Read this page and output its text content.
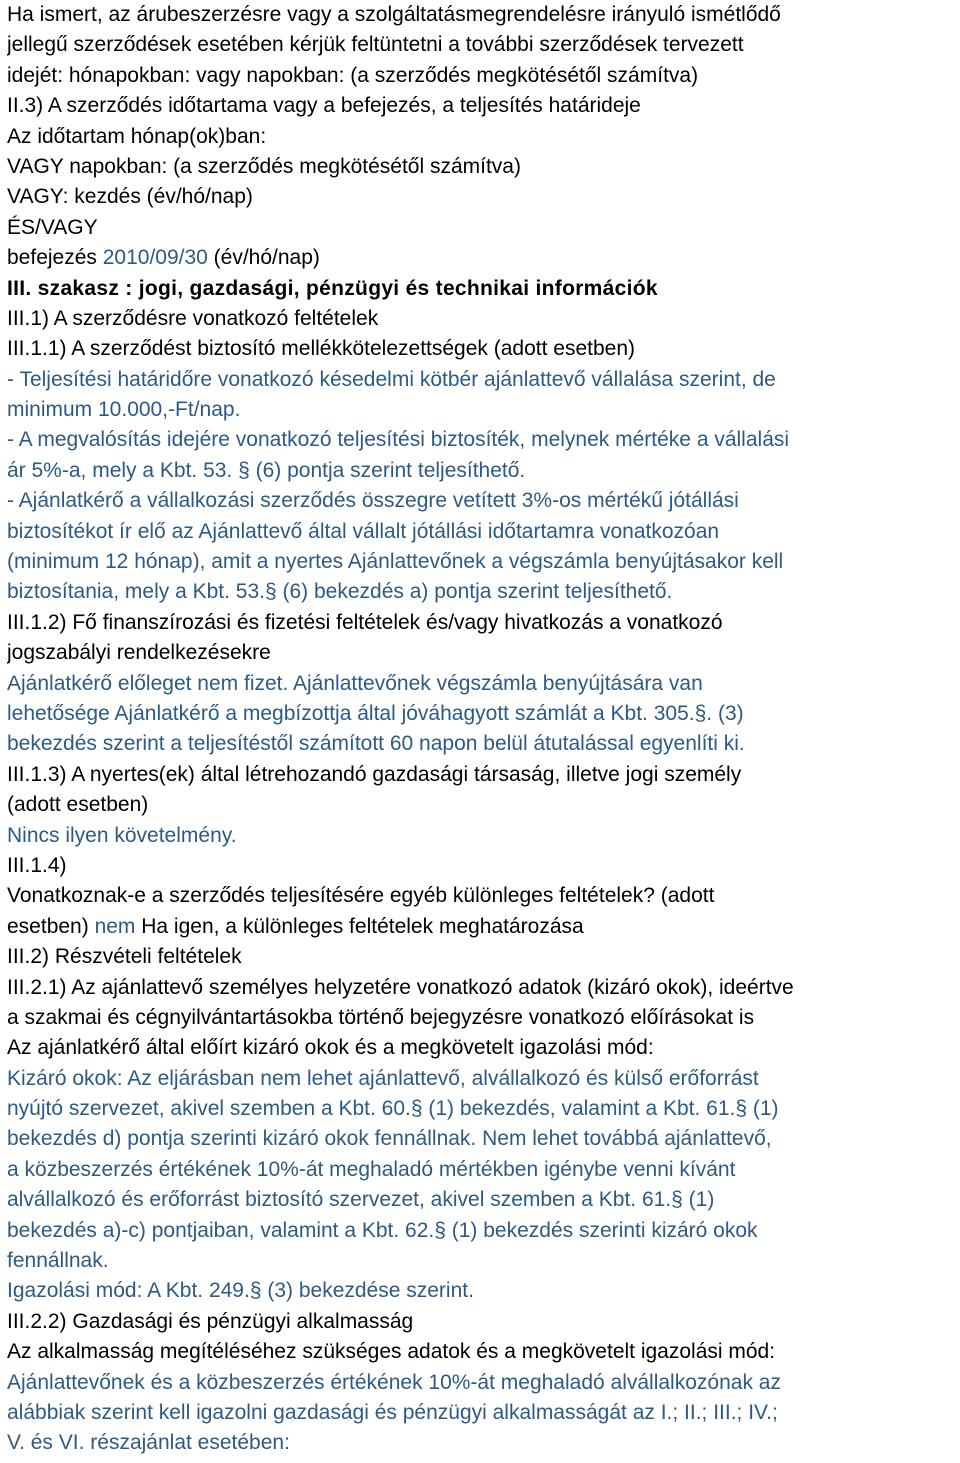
Ha ismert, az árubeszerzésre vagy a szolgáltatásmegrendelésre irányuló ismétlődő
jellegű szerződések esetében kérjük feltüntetni a további szerződések tervezett
idejét: hónapokban: vagy napokban: (a szerződés megkötésétől számítva)
II.3) A szerződés időtartama vagy a befejezés, a teljesítés határideje
Az időtartam hónap(ok)ban:
VAGY napokban: (a szerződés megkötésétől számítva)
VAGY: kezdés (év/hó/nap)
ÉS/VAGY
befejezés 2010/09/30 (év/hó/nap)
III. szakasz : jogi, gazdasági, pénzügyi és technikai információk
III.1) A szerződésre vonatkozó feltételek
III.1.1) A szerződést biztosító mellékkötelezettségek (adott esetben)
- Teljesítési határidőre vonatkozó késedelmi kötbér ajánlattevő vállalása szerint, de
minimum 10.000,-Ft/nap.
- A megvalósítás idejére vonatkozó teljesítési biztosíték, melynek mértéke a vállalási
ár 5%-a, mely a Kbt. 53. § (6) pontja szerint teljesíthető.
- Ajánlatkérő a vállalkozási szerződés összegre vetített 3%-os mértékű jótállási
biztosítékot ír elő az Ajánlattevő által vállalt jótállási időtartamra vonatkozóan
(minimum 12 hónap), amit a nyertes Ajánlattevőnek a végszámla benyújtásakor kell
biztosítania, mely a Kbt. 53.§ (6) bekezdés a) pontja szerint teljesíthető.
III.1.2) Fő finanszírozási és fizetési feltételek és/vagy hivatkozás a vonatkozó
jogszabályi rendelkezésekre
Ajánlatkérő előleget nem fizet. Ajánlattevőnek végszámla benyújtására van
lehetősége Ajánlatkérő a megbízottja által jóváhagyott számlát a Kbt. 305.§. (3)
bekezdés szerint a teljesítéstől számított 60 napon belül átutalással egyenlíti ki.
III.1.3) A nyertes(ek) által létrehozandó gazdasági társaság, illetve jogi személy
(adott esetben)
Nincs ilyen követelmény.
III.1.4)
Vonatkoznak-e a szerződés teljesítésére egyéb különleges feltételek? (adott
esetben) nem Ha igen, a különleges feltételek meghatározása
III.2) Részvételi feltételek
III.2.1) Az ajánlattevő személyes helyzetére vonatkozó adatok (kizáró okok), ideértve
a szakmai és cégnyilvántartásokba történő bejegyzésre vonatkozó előírásokat is
Az ajánlatkérő által előírt kizáró okok és a megkövetelt igazolási mód:
Kizáró okok: Az eljárásban nem lehet ajánlattevő, alvállalkozó és külső erőforrást
nyújtó szervezet, akivel szemben a Kbt. 60.§ (1) bekezdés, valamint a Kbt. 61.§ (1)
bekezdés d) pontja szerinti kizáró okok fennállnak. Nem lehet továbbá ajánlattevő,
a közbeszerzés értékének 10%-át meghaladó mértékben igénybe venni kívánt
alvállalkozó és erőforrást biztosító szervezet, akivel szemben a Kbt. 61.§ (1)
bekezdés a)-c) pontjaiban, valamint a Kbt. 62.§ (1) bekezdés szerinti kizáró okok
fennállnak.
Igazolási mód: A Kbt. 249.§ (3) bekezdése szerint.
III.2.2) Gazdasági és pénzügyi alkalmasság
Az alkalmasság megítéléséhez szükséges adatok és a megkövetelt igazolási mód:
Ajánlattevőnek és a közbeszerzés értékének 10%-át meghaladó alvállalkozónak az
alábbiak szerint kell igazolni gazdasági és pénzügyi alkalmasságát az I.; II.; III.; IV.;
V. és VI. részajánlat esetében:
